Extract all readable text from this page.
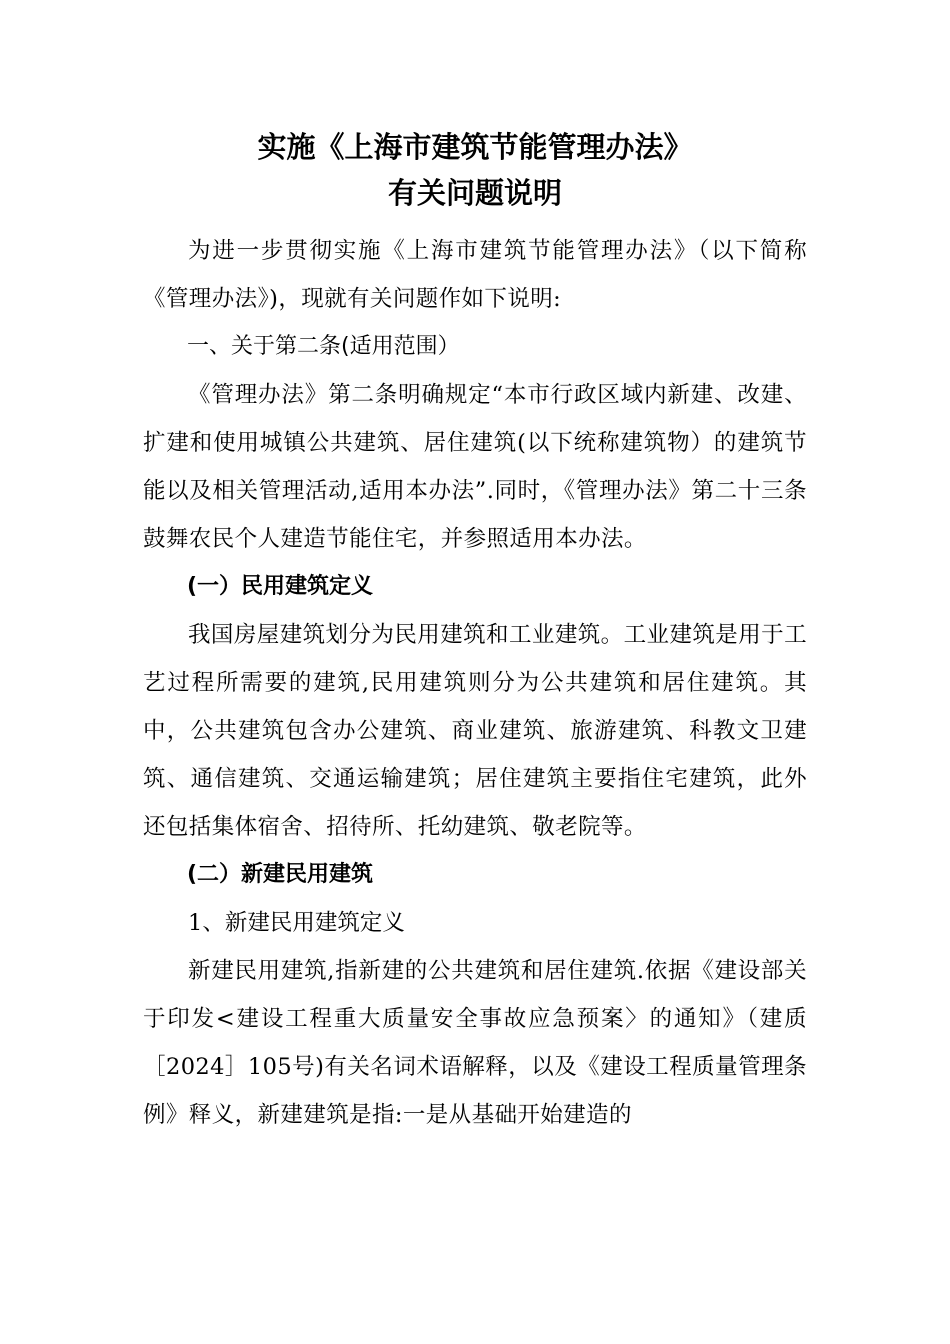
实施《上海市建筑节能管理办法》
有关问题说明

为进一步贯彻实施《上海市建筑节能管理办法》（以下简称《管理办法》)，现就有关问题作如下说明:

一、关于第二条(适用范围）

《管理办法》第二条明确规定“本市行政区域内新建、改建、扩建和使用城镇公共建筑、居住建筑(以下统称建筑物）的建筑节能以及相关管理活动,适用本办法”.同时，《管理办法》第二十三条鼓舞农民个人建造节能住宅，并参照适用本办法。

(一）民用建筑定义

我国房屋建筑划分为民用建筑和工业建筑。工业建筑是用于工艺过程所需要的建筑,民用建筑则分为公共建筑和居住建筑。其中，公共建筑包含办公建筑、商业建筑、旅游建筑、科教文卫建筑、通信建筑、交通运输建筑；居住建筑主要指住宅建筑，此外还包括集体宿舍、招待所、托幼建筑、敬老院等。

(二）新建民用建筑

1、新建民用建筑定义

新建民用建筑,指新建的公共建筑和居住建筑.依据《建设部关于印发<建设工程重大质量安全事故应急预案〉的通知》（建质［2024］105号)有关名词术语解释，以及《建设工程质量管理条例》释义，新建建筑是指:一是从基础开始建造的
